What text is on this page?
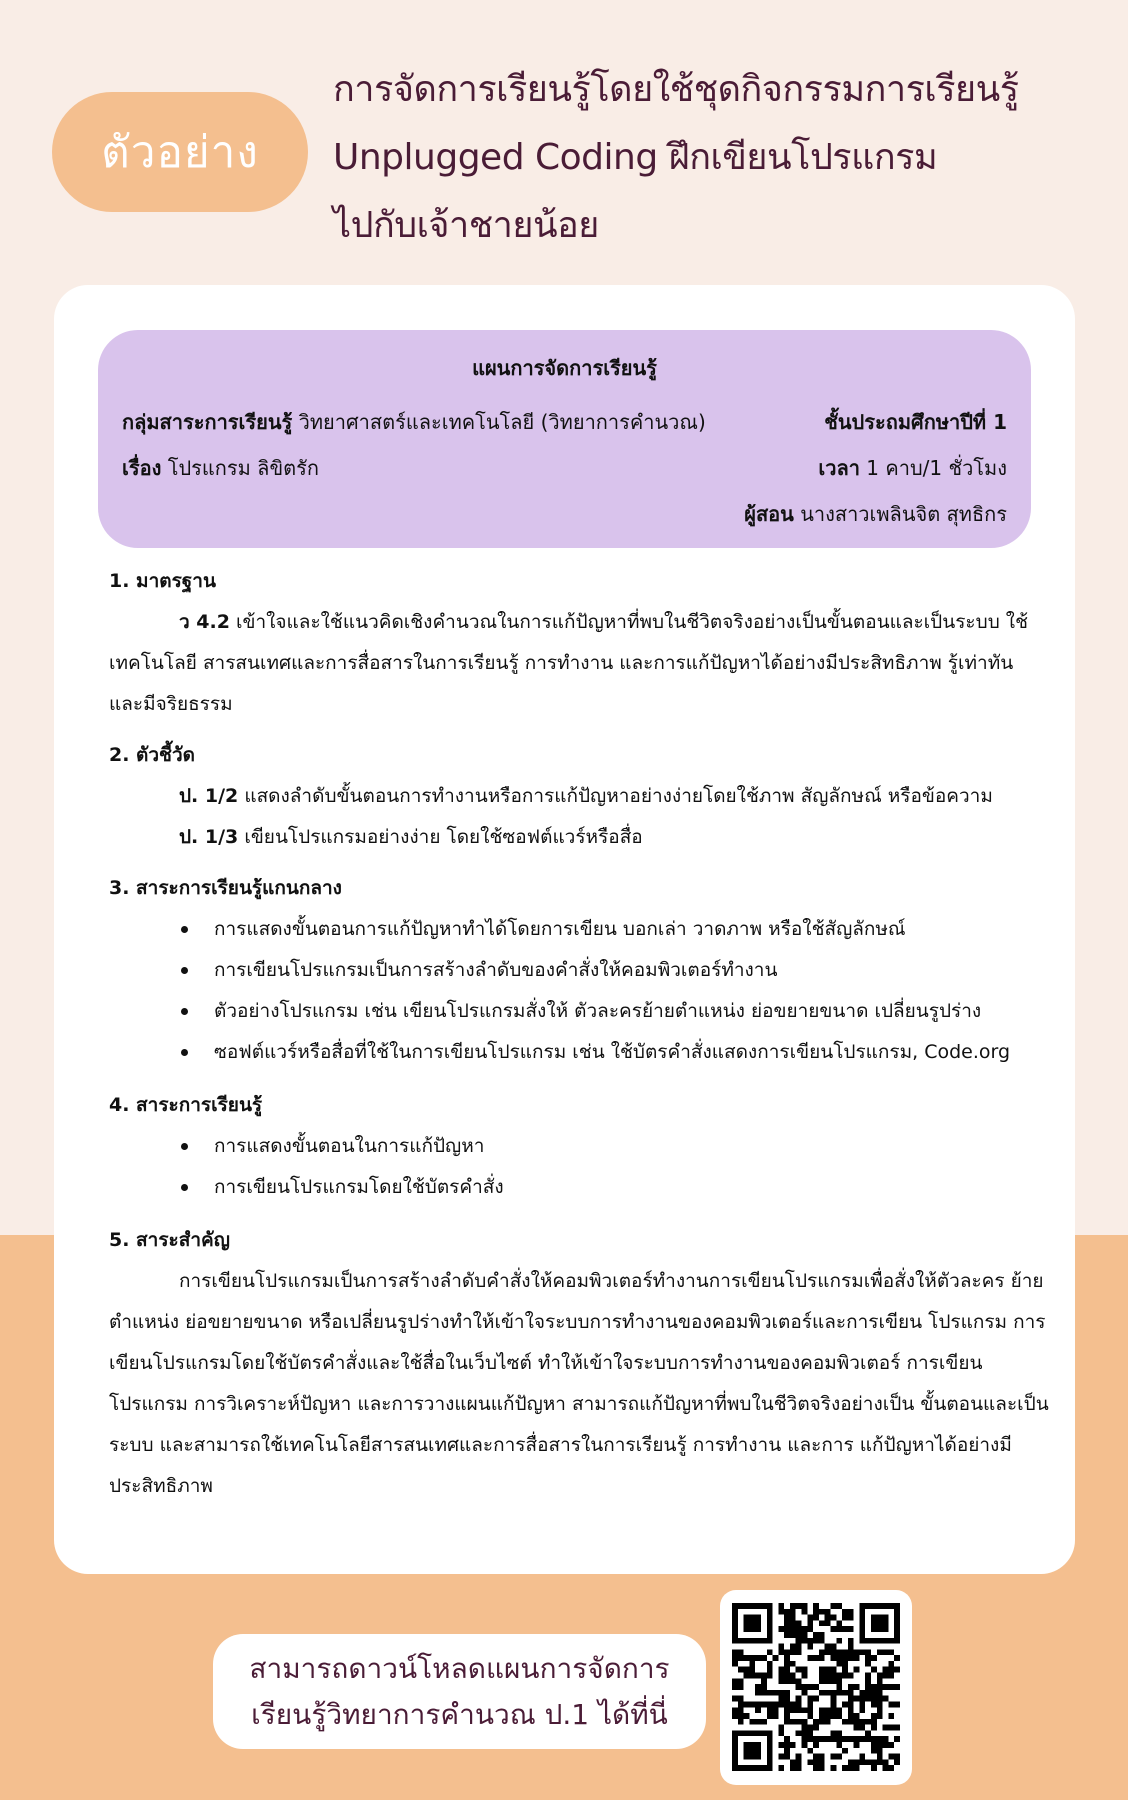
ตัวอย่าง
การจัดการเรียนรู้โดยใช้ชุดกิจกรรมการเรียนรู้
Unplugged Coding ฝึกเขียนโปรแกรม
ไปกับเจ้าชายน้อย
แผนการจัดการเรียนรู้
กลุ่มสาระการเรียนรู้ วิทยาศาสตร์และเทคโนโลยี (วิทยาการคำนวณ)	ชั้นประถมศึกษาปีที่ 1
เรื่อง โปรแกรม ลิขิตรัก	เวลา 1 คาบ/1 ชั่วโมง
ผู้สอน นางสาวเพลินจิต สุทธิกร
1. มาตรฐาน
ว 4.2 เข้าใจและใช้แนวคิดเชิงคำนวณในการแก้ปัญหาที่พบในชีวิตจริงอย่างเป็นขั้นตอนและเป็นระบบ ใช้เทคโนโลยี สารสนเทศและการสื่อสารในการเรียนรู้ การทำงาน และการแก้ปัญหาได้อย่างมีประสิทธิภาพ รู้เท่าทัน และมีจริยธรรม
2. ตัวชี้วัด
ป. 1/2 แสดงลำดับขั้นตอนการทำงานหรือการแก้ปัญหาอย่างง่ายโดยใช้ภาพ สัญลักษณ์ หรือข้อความ
ป. 1/3 เขียนโปรแกรมอย่างง่าย โดยใช้ซอฟต์แวร์หรือสื่อ
3. สาระการเรียนรู้แกนกลาง
การแสดงขั้นตอนการแก้ปัญหาทำได้โดยการเขียน บอกเล่า วาดภาพ หรือใช้สัญลักษณ์
การเขียนโปรแกรมเป็นการสร้างลำดับของคำสั่งให้คอมพิวเตอร์ทำงาน
ตัวอย่างโปรแกรม เช่น เขียนโปรแกรมสั่งให้ ตัวละครย้ายตำแหน่ง ย่อขยายขนาด เปลี่ยนรูปร่าง
ซอฟต์แวร์หรือสื่อที่ใช้ในการเขียนโปรแกรม เช่น ใช้บัตรคำสั่งแสดงการเขียนโปรแกรม, Code.org
4. สาระการเรียนรู้
การแสดงขั้นตอนในการแก้ปัญหา
การเขียนโปรแกรมโดยใช้บัตรคำสั่ง
5. สาระสำคัญ
การเขียนโปรแกรมเป็นการสร้างลำดับคำสั่งให้คอมพิวเตอร์ทำงานการเขียนโปรแกรมเพื่อสั่งให้ตัวละคร ย้ายตำแหน่ง ย่อขยายขนาด หรือเปลี่ยนรูปร่างทำให้เข้าใจระบบการทำงานของคอมพิวเตอร์และการเขียน โปรแกรม การเขียนโปรแกรมโดยใช้บัตรคำสั่งและใช้สื่อในเว็บไซต์ ทำให้เข้าใจระบบการทำงานของคอมพิวเตอร์ การเขียนโปรแกรม การวิเคราะห์ปัญหา และการวางแผนแก้ปัญหา สามารถแก้ปัญหาที่พบในชีวิตจริงอย่างเป็น ขั้นตอนและเป็นระบบ และสามารถใช้เทคโนโลยีสารสนเทศและการสื่อสารในการเรียนรู้ การทำงาน และการ แก้ปัญหาได้อย่างมีประสิทธิภาพ
สามารถดาวน์โหลดแผนการจัดการ
เรียนรู้วิทยาการคำนวณ ป.1 ได้ที่นี่
